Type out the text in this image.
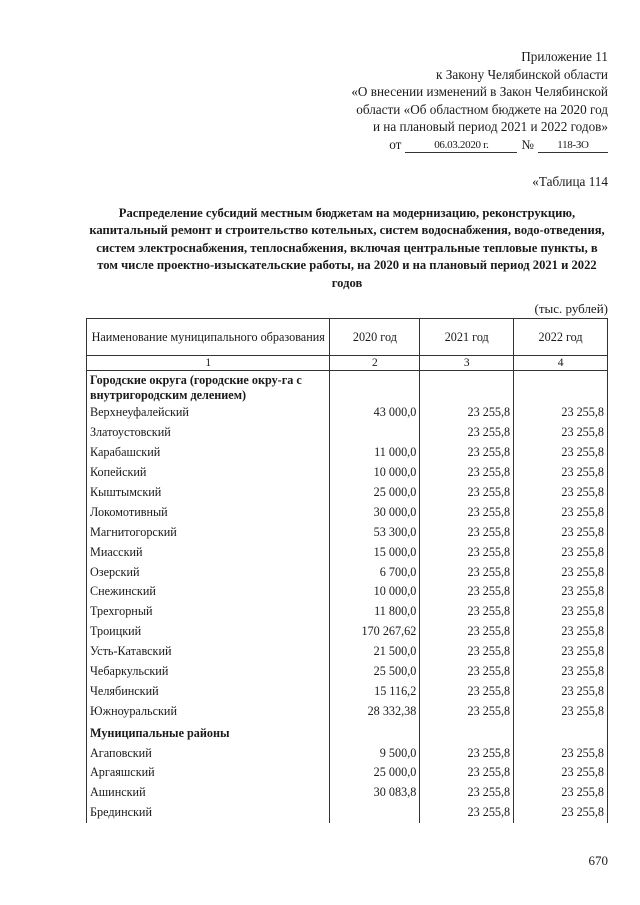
Приложение 11
к Закону Челябинской области
«О внесении изменений в Закон Челябинской
области «Об областном бюджете на 2020 год
и на плановый период 2021 и 2022 годов»
от	06.03.2020 г.	№	118-ЗО
«Таблица 114
Распределение субсидий местным бюджетам на модернизацию, реконструкцию, капитальный ремонт и строительство котельных, систем водоснабжения, водо-отведения, систем электроснабжения, теплоснабжения, включая центральные тепловые пункты, в том числе проектно-изыскательские работы, на 2020 и на плановый период 2021 и 2022 годов
(тыс. рублей)
Наименование муниципального образования	2020 год	2021 год	2022 год
1	2	3	4
Городские округа (городские окру-га с внутригородским делением)			
Верхнеуфалейский	43 000,0	23 255,8	23 255,8
Златоустовский		23 255,8	23 255,8
Карабашский	11 000,0	23 255,8	23 255,8
Копейский	10 000,0	23 255,8	23 255,8
Кыштымский	25 000,0	23 255,8	23 255,8
Локомотивный	30 000,0	23 255,8	23 255,8
Магнитогорский	53 300,0	23 255,8	23 255,8
Миасский	15 000,0	23 255,8	23 255,8
Озерский	6 700,0	23 255,8	23 255,8
Снежинский	10 000,0	23 255,8	23 255,8
Трехгорный	11 800,0	23 255,8	23 255,8
Троицкий	170 267,62	23 255,8	23 255,8
Усть-Катавский	21 500,0	23 255,8	23 255,8
Чебаркульский	25 500,0	23 255,8	23 255,8
Челябинский	15 116,2	23 255,8	23 255,8
Южноуральский	28 332,38	23 255,8	23 255,8
Муниципальные районы			
Агаповский	9 500,0	23 255,8	23 255,8
Аргаяшский	25 000,0	23 255,8	23 255,8
Ашинский	30 083,8	23 255,8	23 255,8
Брединский		23 255,8	23 255,8
670
